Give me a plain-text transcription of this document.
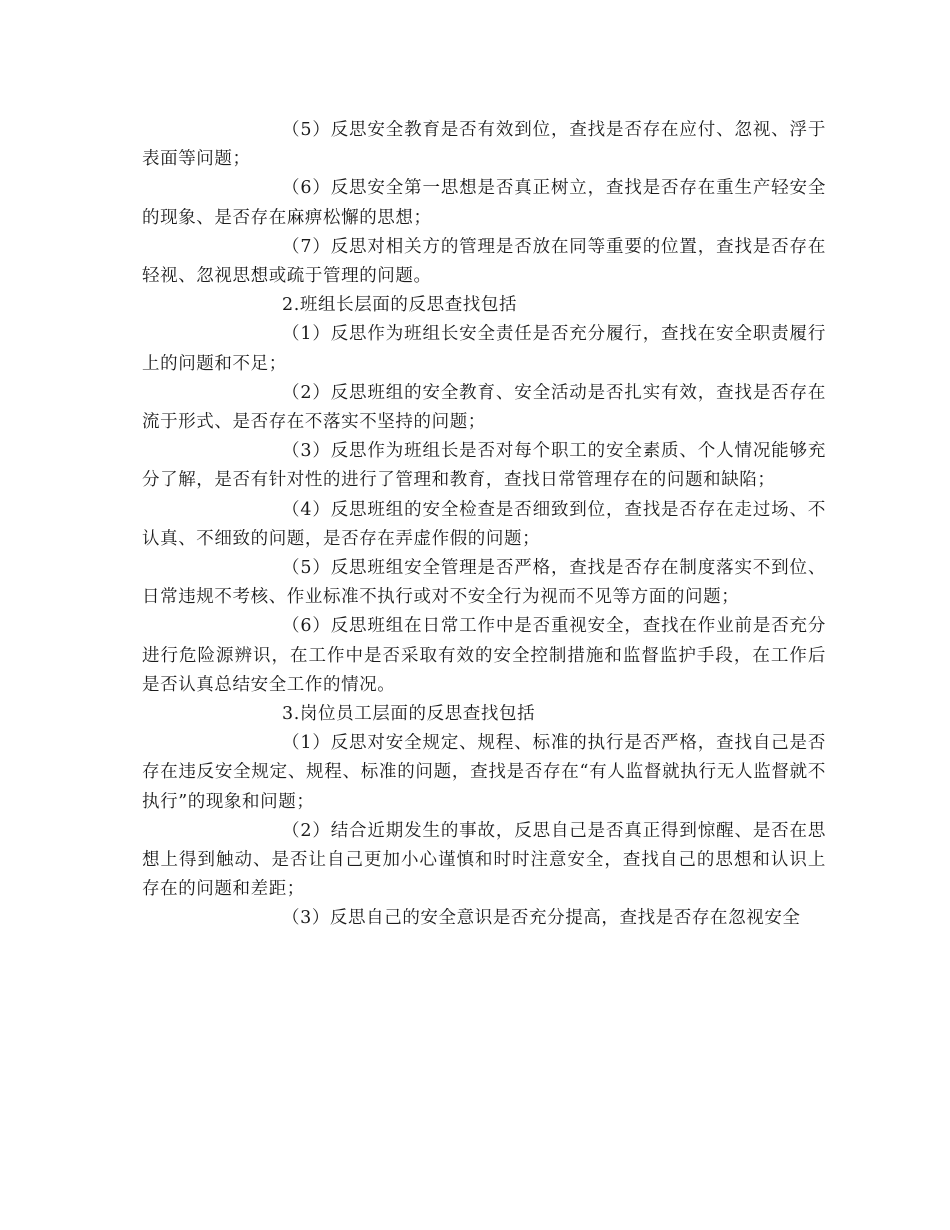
（5）反思安全教育是否有效到位，查找是否存在应付、忽视、浮于表面等问题；

（6）反思安全第一思想是否真正树立，查找是否存在重生产轻安全的现象、是否存在麻痹松懈的思想；

（7）反思对相关方的管理是否放在同等重要的位置，查找是否存在轻视、忽视思想或疏于管理的问题。

2.班组长层面的反思查找包括

（1）反思作为班组长安全责任是否充分履行，查找在安全职责履行上的问题和不足；

（2）反思班组的安全教育、安全活动是否扎实有效，查找是否存在流于形式、是否存在不落实不坚持的问题；

（3）反思作为班组长是否对每个职工的安全素质、个人情况能够充分了解，是否有针对性的进行了管理和教育，查找日常管理存在的问题和缺陷；

（4）反思班组的安全检查是否细致到位，查找是否存在走过场、不认真、不细致的问题，是否存在弄虚作假的问题；

（5）反思班组安全管理是否严格，查找是否存在制度落实不到位、日常违规不考核、作业标准不执行或对不安全行为视而不见等方面的问题；

（6）反思班组在日常工作中是否重视安全，查找在作业前是否充分进行危险源辨识，在工作中是否采取有效的安全控制措施和监督监护手段，在工作后是否认真总结安全工作的情况。

3.岗位员工层面的反思查找包括

（1）反思对安全规定、规程、标准的执行是否严格，查找自己是否存在违反安全规定、规程、标准的问题，查找是否存在“有人监督就执行无人监督就不执行”的现象和问题；

（2）结合近期发生的事故，反思自己是否真正得到惊醒、是否在思想上得到触动、是否让自己更加小心谨慎和时时注意安全，查找自己的思想和认识上存在的问题和差距；

（3）反思自己的安全意识是否充分提高，查找是否存在忽视安全
